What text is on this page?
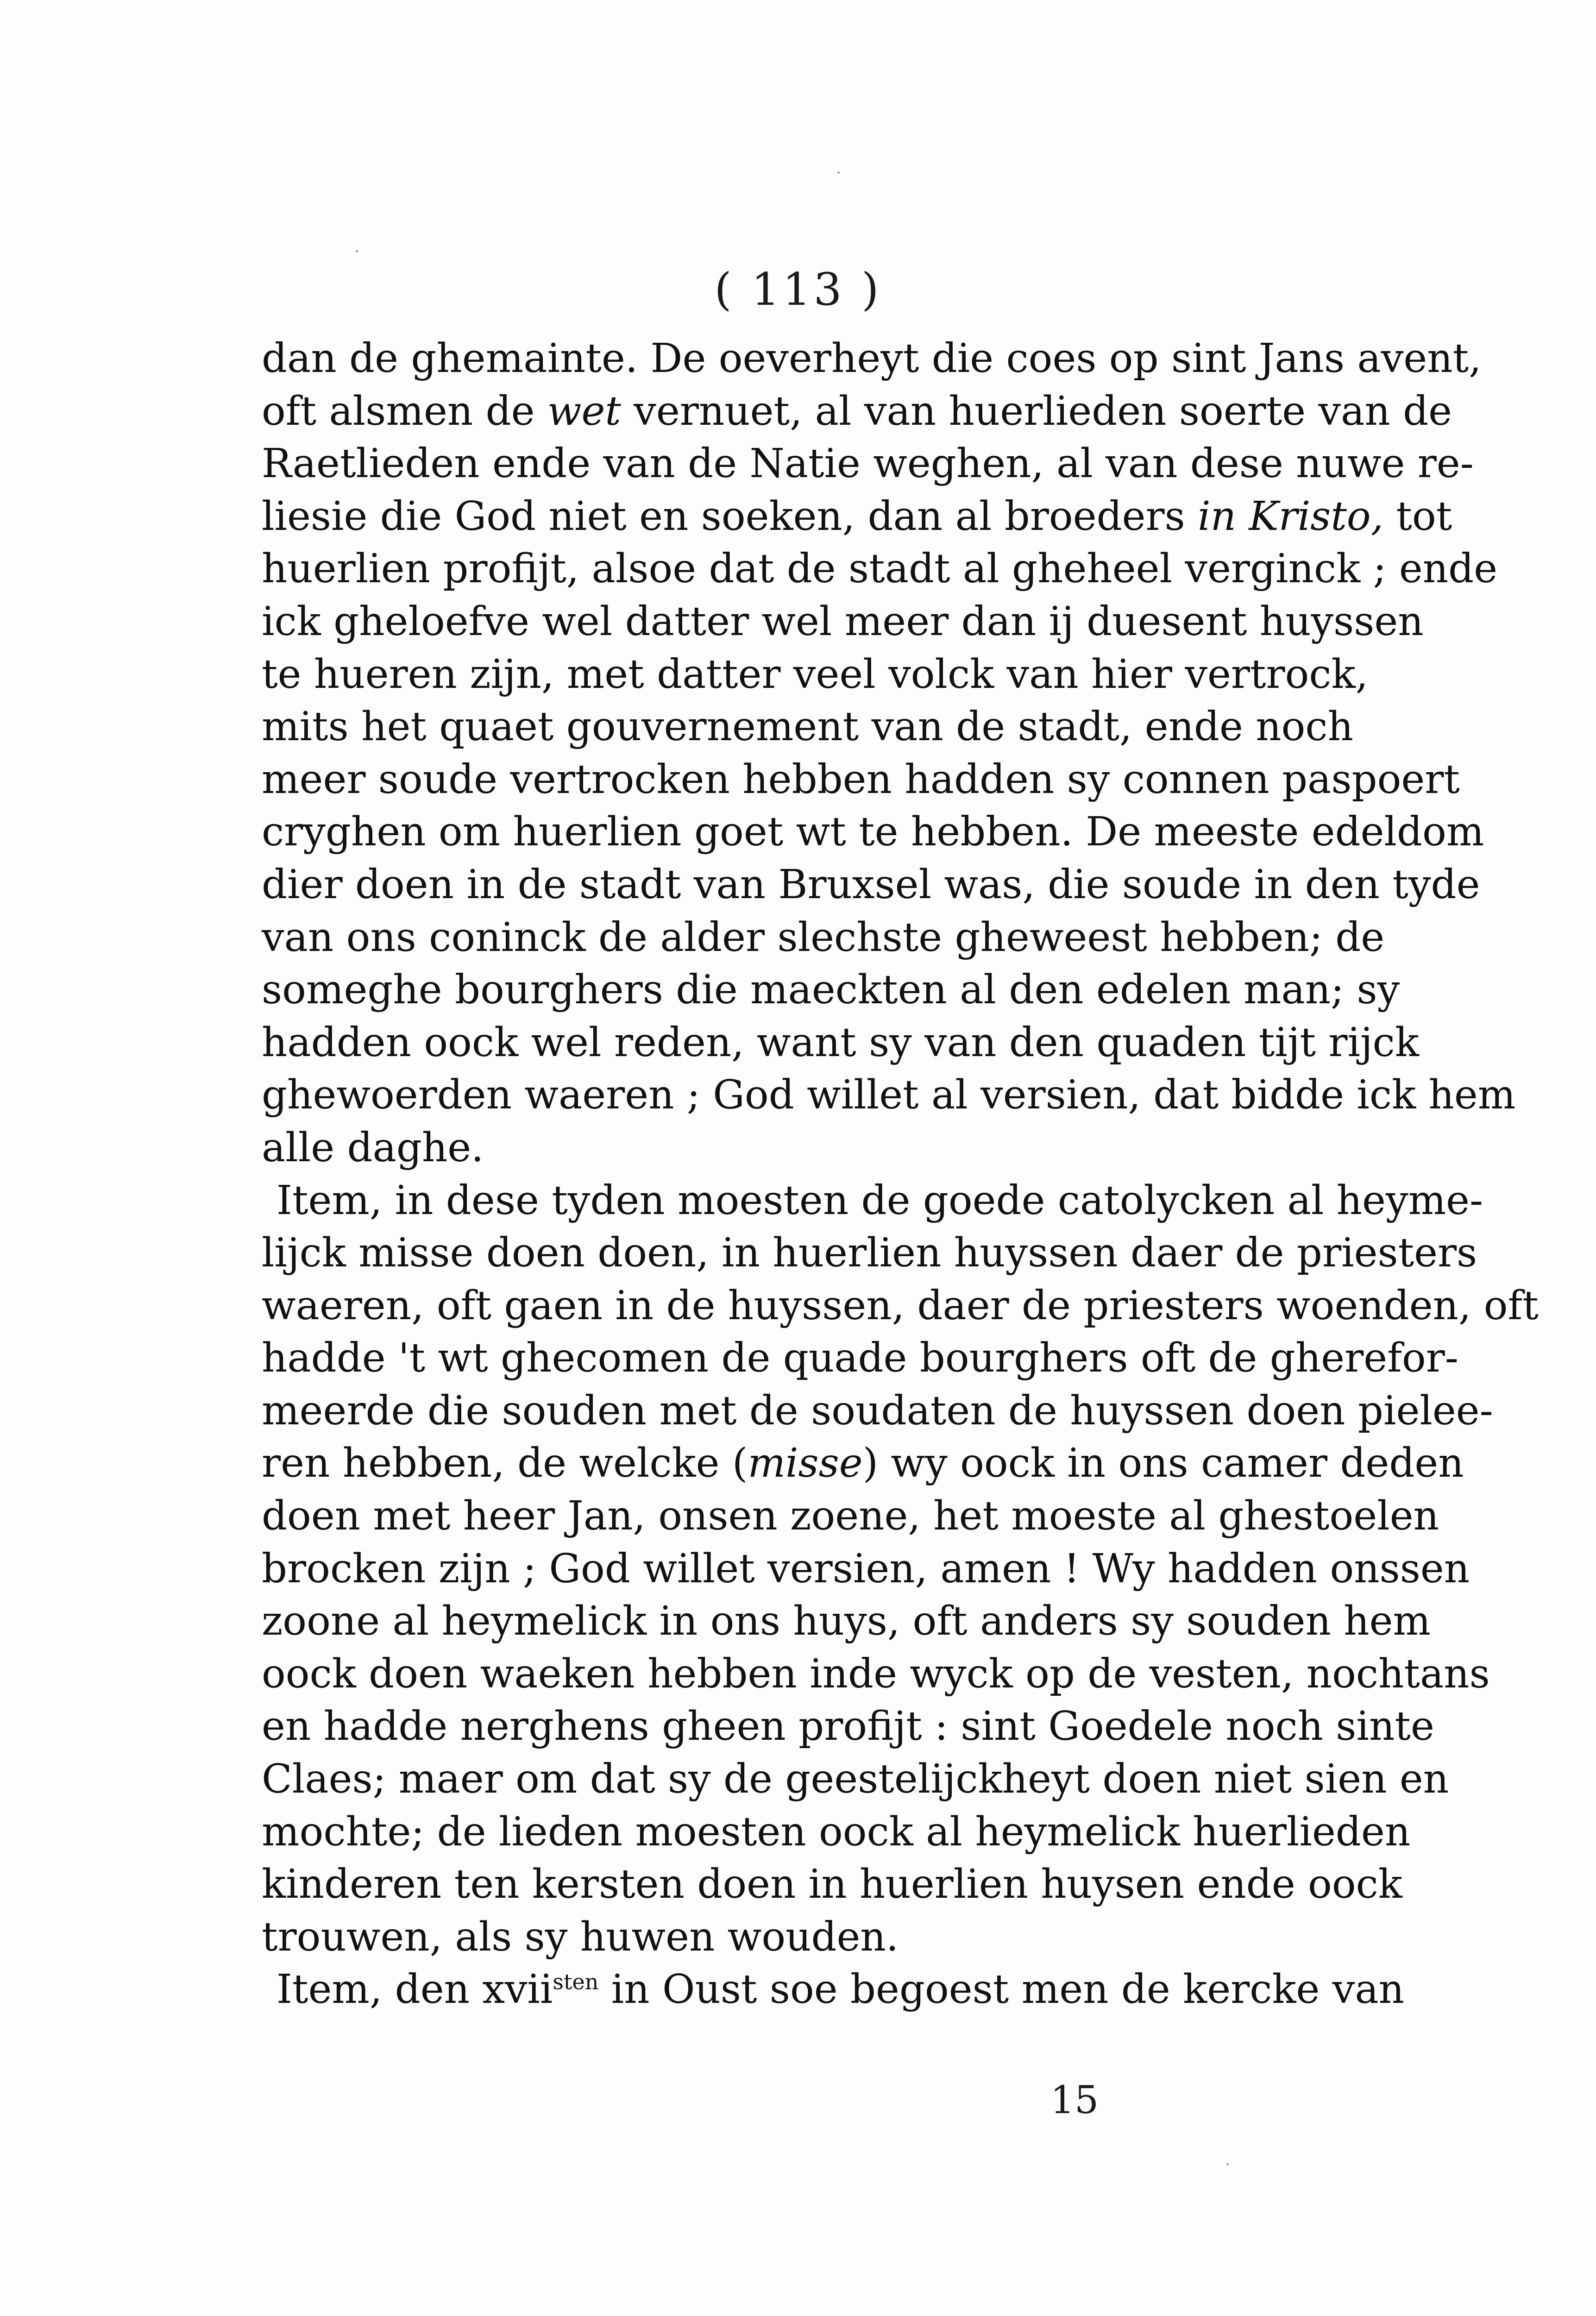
( 113 )
dan de ghemainte. De oeverheyt die coes op sint Jans avent,
oft alsmen de wet vernuet, al van huerlieden soerte van de
Raetlieden ende van de Natie weghen, al van dese nuwe re-
liesie die God niet en soeken, dan al broeders in Kristo, tot
huerlien profijt, alsoe dat de stadt al gheheel verginck ; ende
ick gheloefve wel datter wel meer dan ij duesent huyssen
te hueren zijn, met datter veel volck van hier vertrock,
mits het quaet gouvernement van de stadt, ende noch
meer soude vertrocken hebben hadden sy connen paspoert
cryghen om huerlien goet wt te hebben. De meeste edeldom
dier doen in de stadt van Bruxsel was, die soude in den tyde
van ons coninck de alder slechste gheweest hebben; de
someghe bourghers die maeckten al den edelen man; sy
hadden oock wel reden, want sy van den quaden tijt rijck
ghewoerden waeren ; God willet al versien, dat bidde ick hem
alle daghe.
Item, in dese tyden moesten de goede catolycken al heyme-
lijck misse doen doen, in huerlien huyssen daer de priesters
waeren, oft gaen in de huyssen, daer de priesters woenden, oft
hadde 't wt ghecomen de quade bourghers oft de gherefor-
meerde die souden met de soudaten de huyssen doen pielee-
ren hebben, de welcke (misse) wy oock in ons camer deden
doen met heer Jan, onsen zoene, het moeste al ghestoelen
brocken zijn ; God willet versien, amen ! Wy hadden onssen
zoone al heymelick in ons huys, oft anders sy souden hem
oock doen waeken hebben inde wyck op de vesten, nochtans
en hadde nerghens gheen profijt : sint Goedele noch sinte
Claes; maer om dat sy de geestelijckheyt doen niet sien en
mochte; de lieden moesten oock al heymelick huerlieden
kinderen ten kersten doen in huerlien huysen ende oock
trouwen, als sy huwen wouden.
Item, den xvii$^{sten}$ in Oust soe begoest men de kercke van
15
